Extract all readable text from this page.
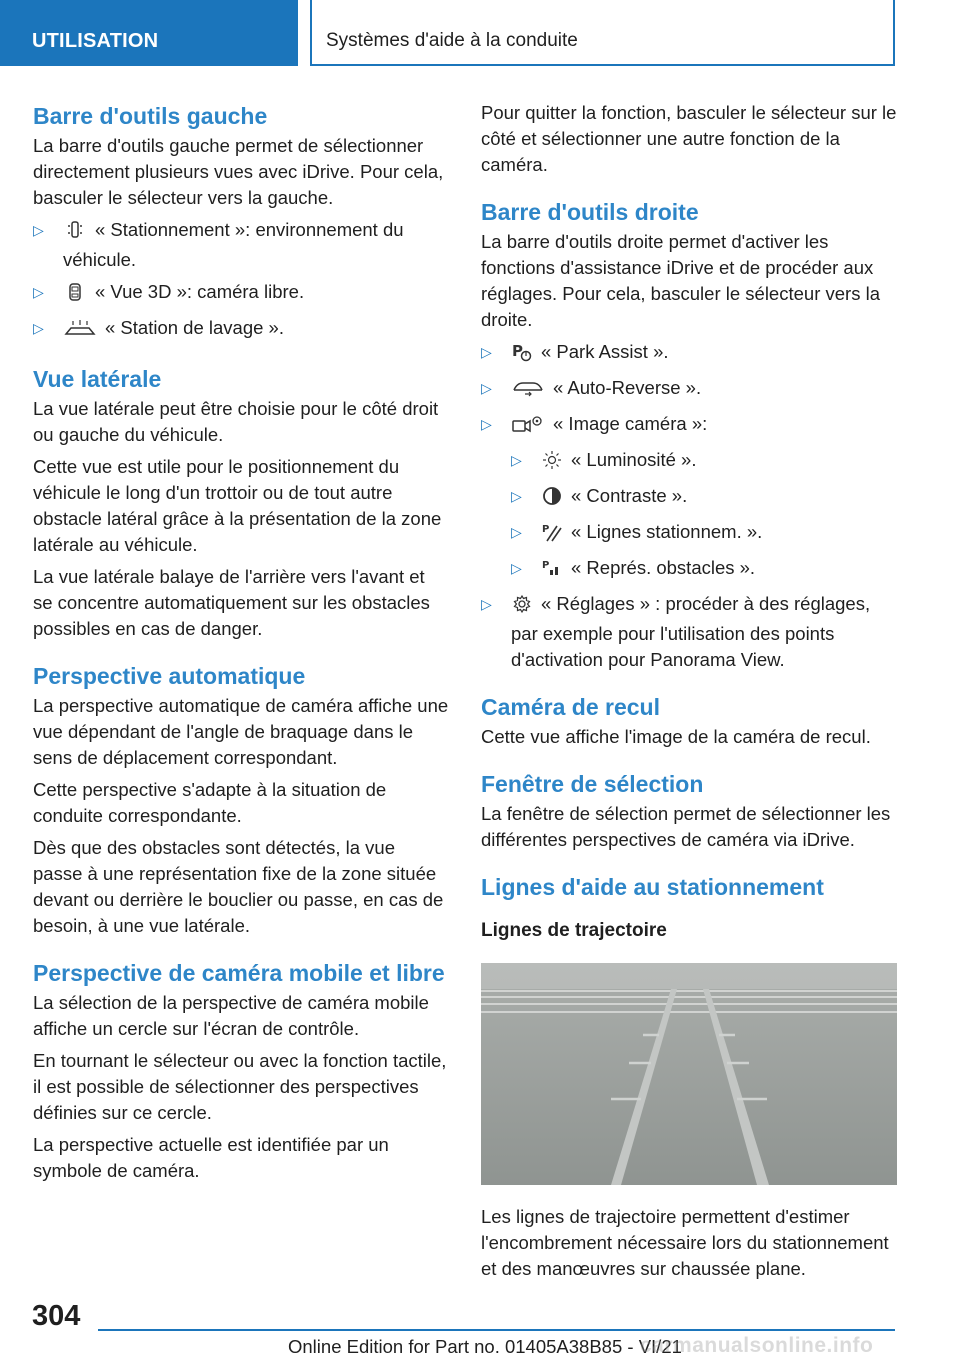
UTILISATION	Systèmes d'aide à la conduite
Barre d'outils gauche

La barre d'outils gauche permet de sélectionner directement plusieurs vues avec iDrive. Pour cela, basculer le sélecteur vers la gauche.

▷	« Stationnement »: environnement du véhicule.
▷	« Vue 3D »: caméra libre.
▷	« Station de lavage ».
Vue latérale

La vue latérale peut être choisie pour le côté droit ou gauche du véhicule.

Cette vue est utile pour le positionnement du véhicule le long d'un trottoir ou de tout autre obstacle latéral grâce à la présentation de la zone latérale au véhicule.

La vue latérale balaye de l'arrière vers l'avant et se concentre automatiquement sur les obstacles possibles en cas de danger.

Perspective automatique

La perspective automatique de caméra affiche une vue dépendant de l'angle de braquage dans le sens de déplacement correspondant.

Cette perspective s'adapte à la situation de conduite correspondante.

Dès que des obstacles sont détectés, la vue passe à une représentation fixe de la zone située devant ou derrière le bouclier ou passe, en cas de besoin, à une vue latérale.

Perspective de caméra mobile et libre

La sélection de la perspective de caméra mobile affiche un cercle sur l'écran de contrôle.

En tournant le sélecteur ou avec la fonction tactile, il est possible de sélectionner des perspectives définies sur ce cercle.

La perspective actuelle est identifiée par un symbole de caméra.

Pour quitter la fonction, basculer le sélecteur sur le côté et sélectionner une autre fonction de la caméra.

Barre d'outils droite

La barre d'outils droite permet d'activer les fonctions d'assistance iDrive et de procéder aux réglages. Pour cela, basculer le sélecteur vers la droite.

▷ P « Park Assist ».
▷	« Auto-Reverse ».
▷	« Image caméra »:
▷	« Luminosité ».
▷	« Contraste ».
▷ P « Lignes stationnem. ».
▷ P « Représ. obstacles ».
▷	« Réglages » : procéder à des réglages, par exemple pour l'utilisation des points d'activation pour Panorama View.
Caméra de recul

Cette vue affiche l'image de la caméra de recul.

Fenêtre de sélection

La fenêtre de sélection permet de sélectionner les différentes perspectives de caméra via iDrive.

Lignes d'aide au stationnement
Lignes de trajectoire

Les lignes de trajectoire permettent d'estimer l'encombrement nécessaire lors du stationnement et des manœuvres sur chaussée plane.

304
Online Edition for Part no. 01405A38B85 - VI/21
carmanualsonline.info
